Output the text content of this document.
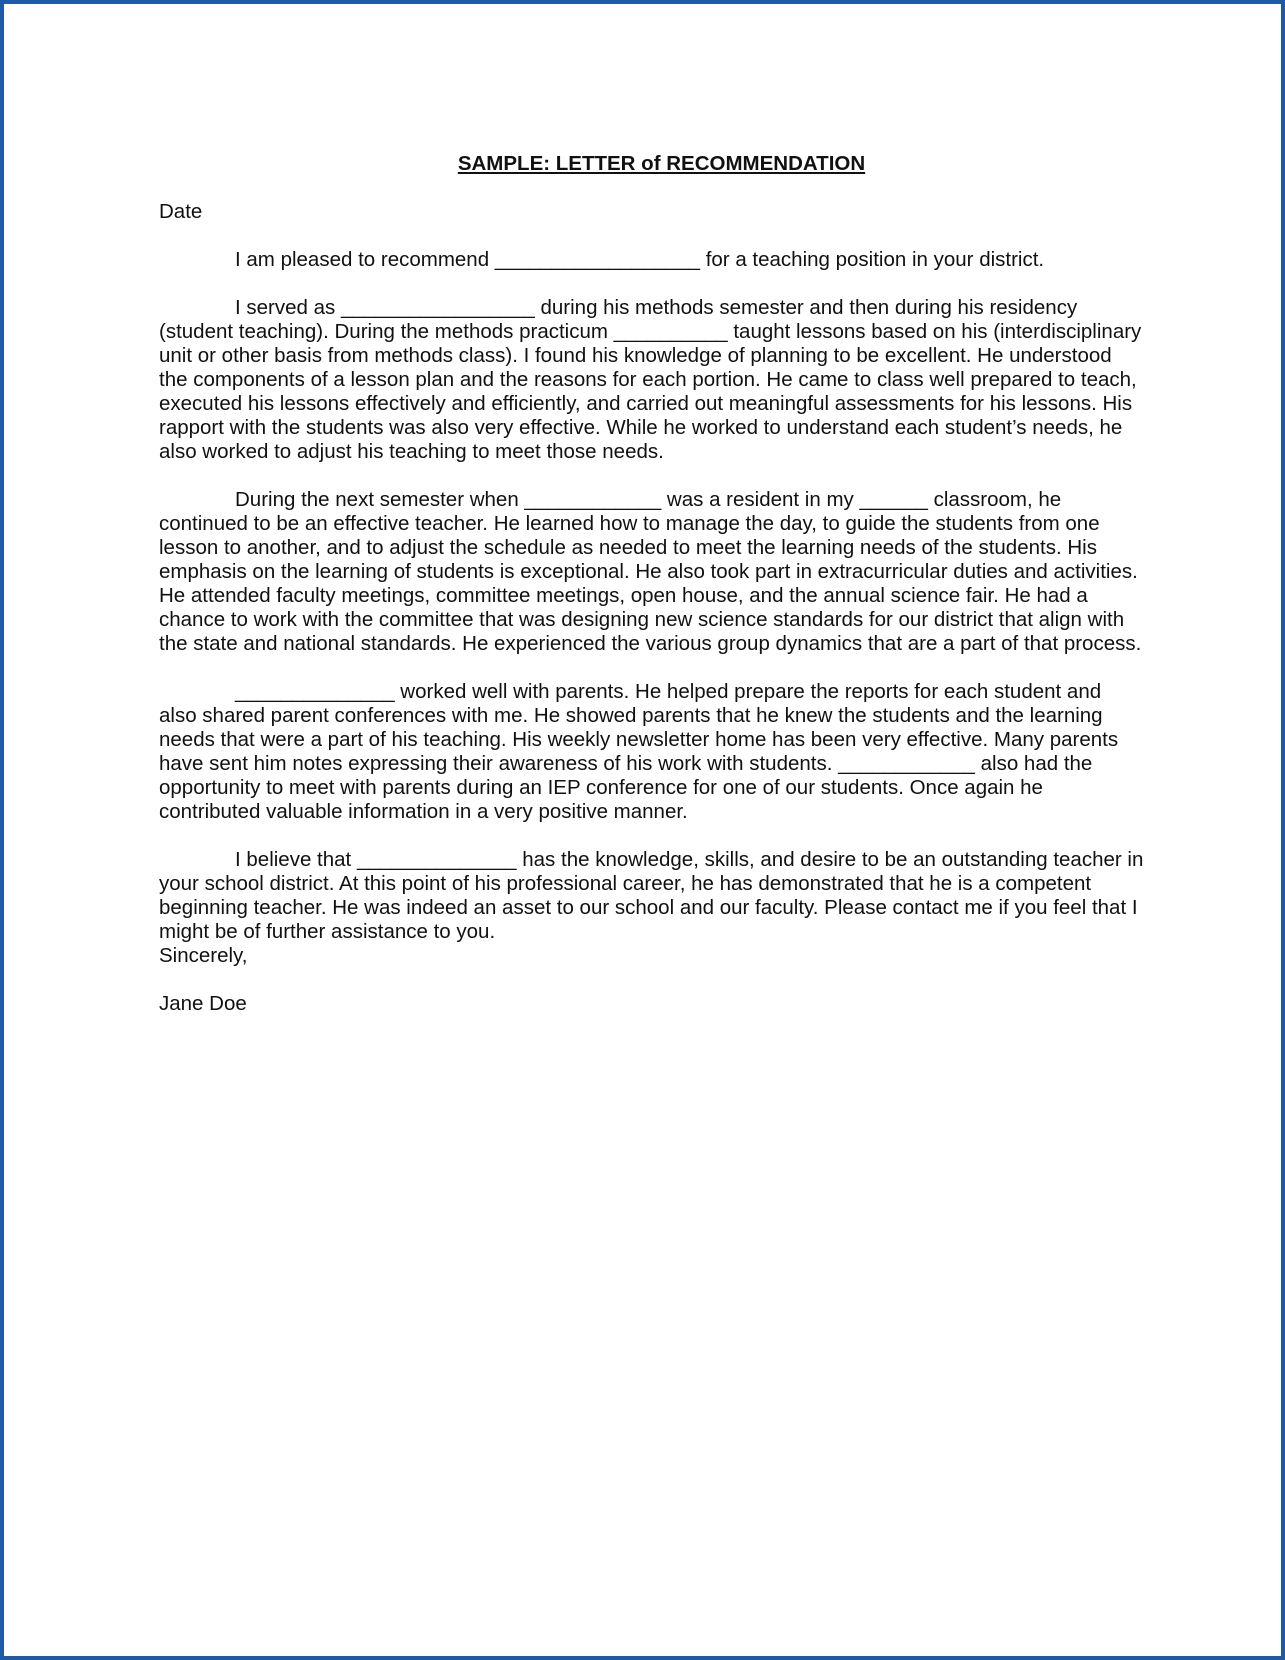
SAMPLE: LETTER of RECOMMENDATION
Date

I am pleased to recommend __________________ for a teaching position in your district.

I served as _________________ during his methods semester and then during his residency (student teaching). During the methods practicum __________ taught lessons based on his (interdisciplinary unit or other basis from methods class). I found his knowledge of planning to be excellent. He understood the components of a lesson plan and the reasons for each portion. He came to class well prepared to teach, executed his lessons effectively and efficiently, and carried out meaningful assessments for his lessons. His rapport with the students was also very effective. While he worked to understand each student’s needs, he also worked to adjust his teaching to meet those needs.

During the next semester when ____________ was a resident in my ______ classroom, he continued to be an effective teacher. He learned how to manage the day, to guide the students from one lesson to another, and to adjust the schedule as needed to meet the learning needs of the students. His emphasis on the learning of students is exceptional. He also took part in extracurricular duties and activities. He attended faculty meetings, committee meetings, open house, and the annual science fair. He had a chance to work with the committee that was designing new science standards for our district that align with the state and national standards. He experienced the various group dynamics that are a part of that process.

______________ worked well with parents. He helped prepare the reports for each student and also shared parent conferences with me. He showed parents that he knew the students and the learning needs that were a part of his teaching. His weekly newsletter home has been very effective. Many parents have sent him notes expressing their awareness of his work with students. ____________ also had the opportunity to meet with parents during an IEP conference for one of our students. Once again he contributed valuable information in a very positive manner.

I believe that ______________ has the knowledge, skills, and desire to be an outstanding teacher in your school district. At this point of his professional career, he has demonstrated that he is a competent beginning teacher. He was indeed an asset to our school and our faculty. Please contact me if you feel that I might be of further assistance to you.

Sincerely,
Jane Doe
